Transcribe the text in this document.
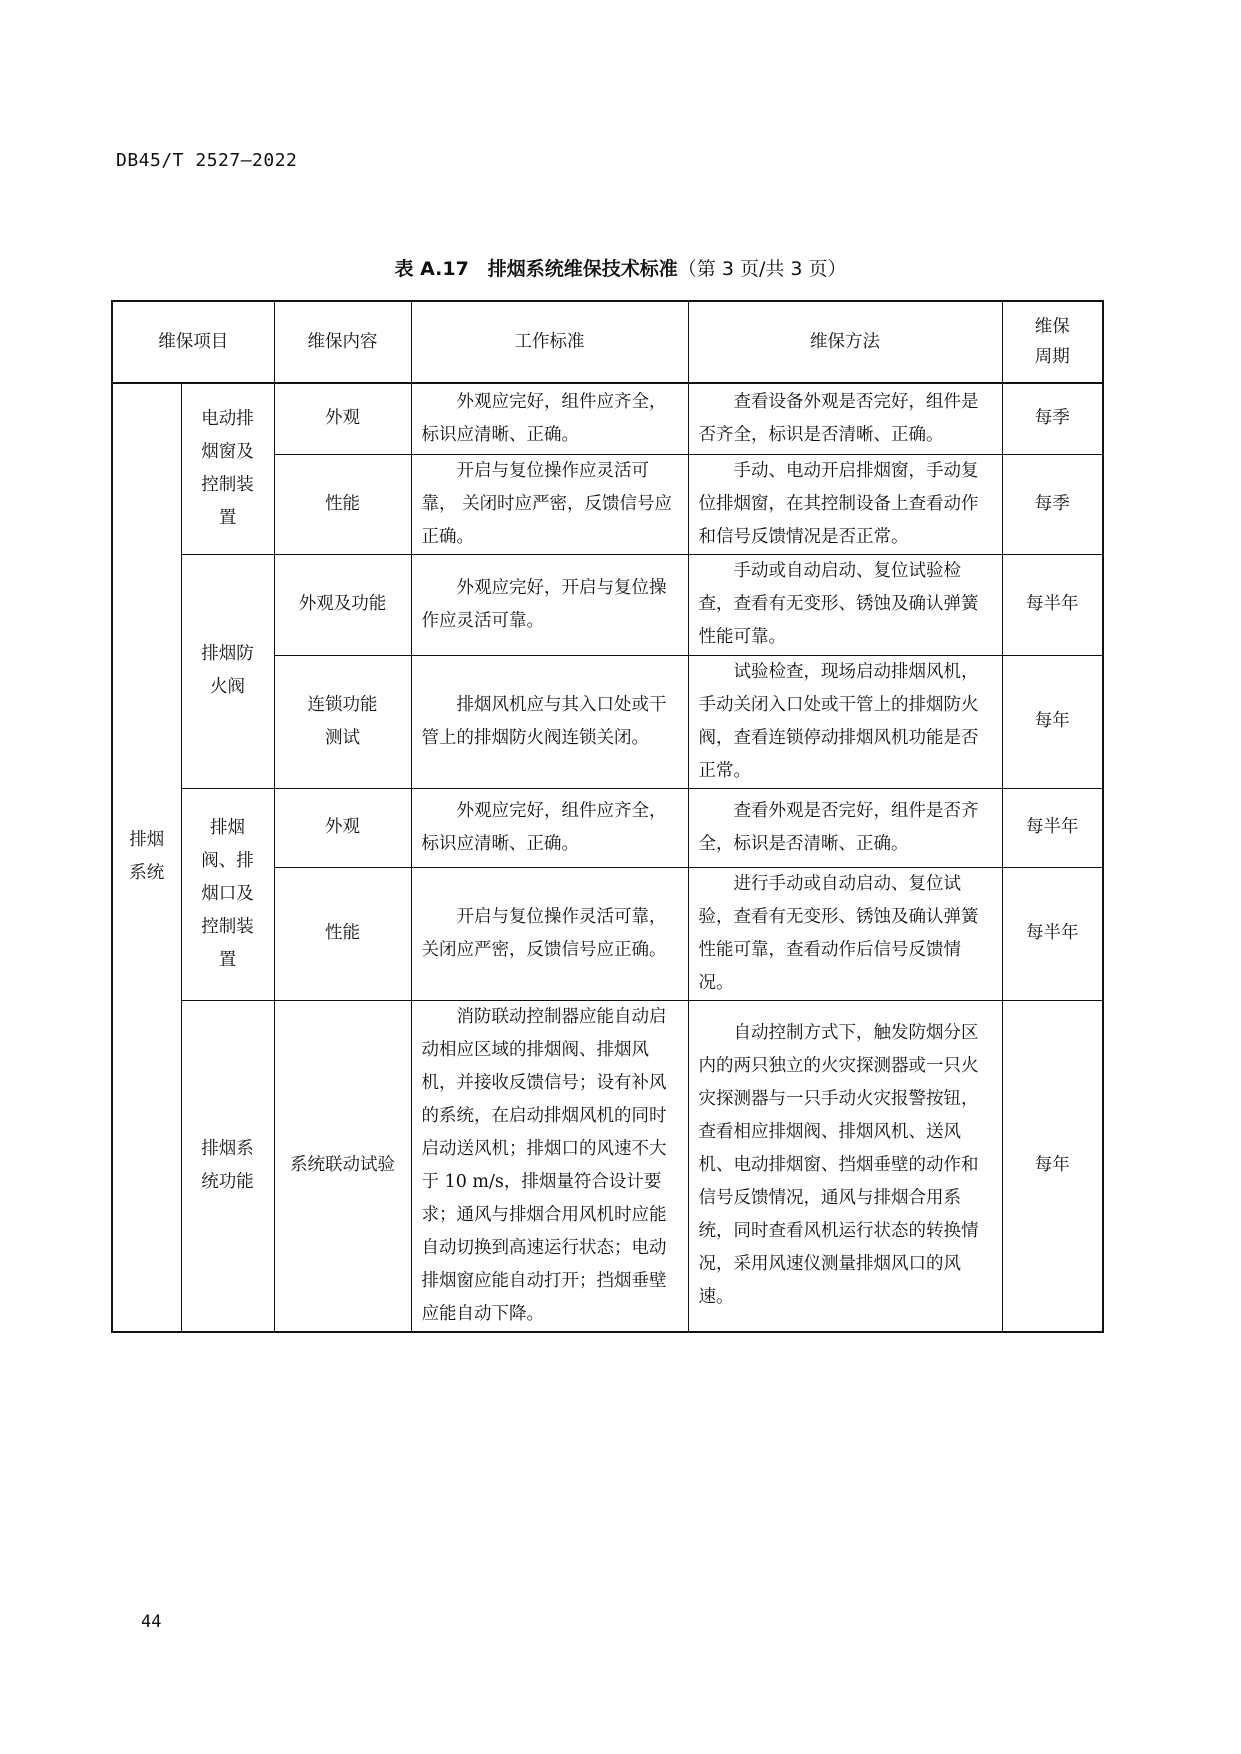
DB45/T 2527—2022
表 A.17　排烟系统维保技术标准（第 3 页/共 3 页）
维保项目		维保内容	工作标准	维保方法	维保周期

排烟系统	电动排烟窗及控制装置	外观	外观应完好，组件应齐全，标识应清晰、正确。	查看设备外观是否完好，组件是否齐全，标识是否清晰、正确。	每季
		性能	开启与复位操作应灵活可靠， 关闭时应严密，反馈信号应正确。	手动、电动开启排烟窗，手动复位排烟窗，在其控制设备上查看动作和信号反馈情况是否正常。	每季

	排烟防火阀	外观及功能	外观应完好，开启与复位操作应灵活可靠。	手动或自动启动、复位试验检查，查看有无变形、锈蚀及确认弹簧性能可靠。	每半年

		连锁功能测试	排烟风机应与其入口处或干管上的排烟防火阀连锁关闭。	试验检查，现场启动排烟风机，手动关闭入口处或干管上的排烟防火阀，查看连锁停动排烟风机功能是否正常。	每年

	排烟阀、排烟口及控制装置	外观	外观应完好，组件应齐全，标识应清晰、正确。	查看外观是否完好，组件是否齐全，标识是否清晰、正确。	每半年
		性能	开启与复位操作灵活可靠，关闭应严密，反馈信号应正确。	进行手动或自动启动、复位试验，查看有无变形、锈蚀及确认弹簧性能可靠，查看动作后信号反馈情况。	每半年

	排烟系统功能	系统联动试验	消防联动控制器应能自动启动相应区域的排烟阀、排烟风机，并接收反馈信号；设有补风的系统，在启动排烟风机的同时启动送风机；排烟口的风速不大于 10 m/s，排烟量符合设计要求；通风与排烟合用风机时应能自动切换到高速运行状态；电动排烟窗应能自动打开；挡烟垂壁应能自动下降。	自动控制方式下，触发防烟分区内的两只独立的火灾探测器或一只火灾探测器与一只手动火灾报警按钮，查看相应排烟阀、排烟风机、送风机、电动排烟窗、挡烟垂壁的动作和信号反馈情况，通风与排烟合用系统，同时查看风机运行状态的转换情况，采用风速仪测量排烟风口的风速。	每年
44
